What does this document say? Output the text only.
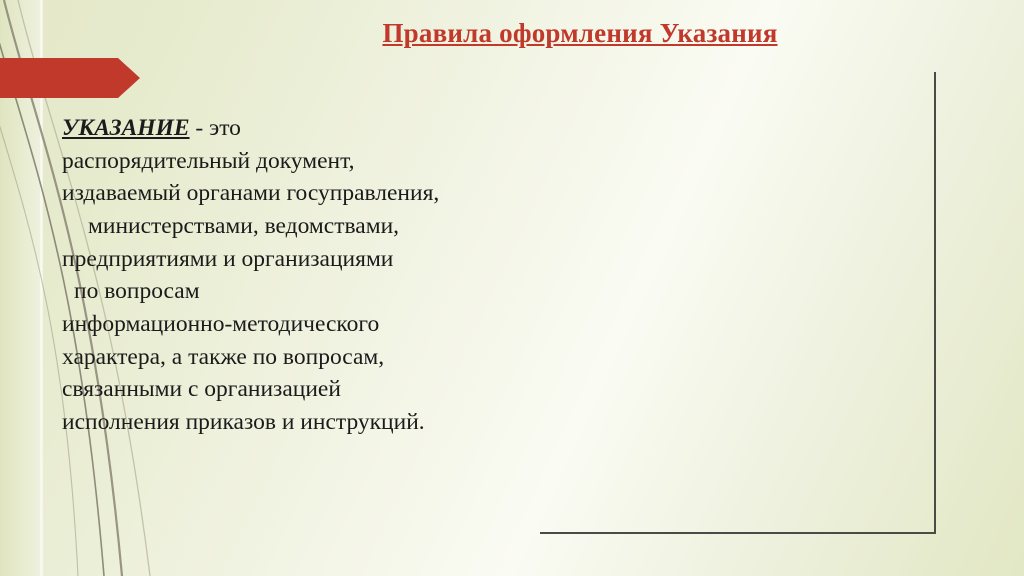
Правила оформления Указания
УКАЗАНИЕ - это
распорядительный документ,
издаваемый органами госуправления,
министерствами, ведомствами,
предприятиями и организациями
по вопросам
информационно-методического
характера, а также по вопросам,
связанными с организацией
исполнения приказов и инструкций.
